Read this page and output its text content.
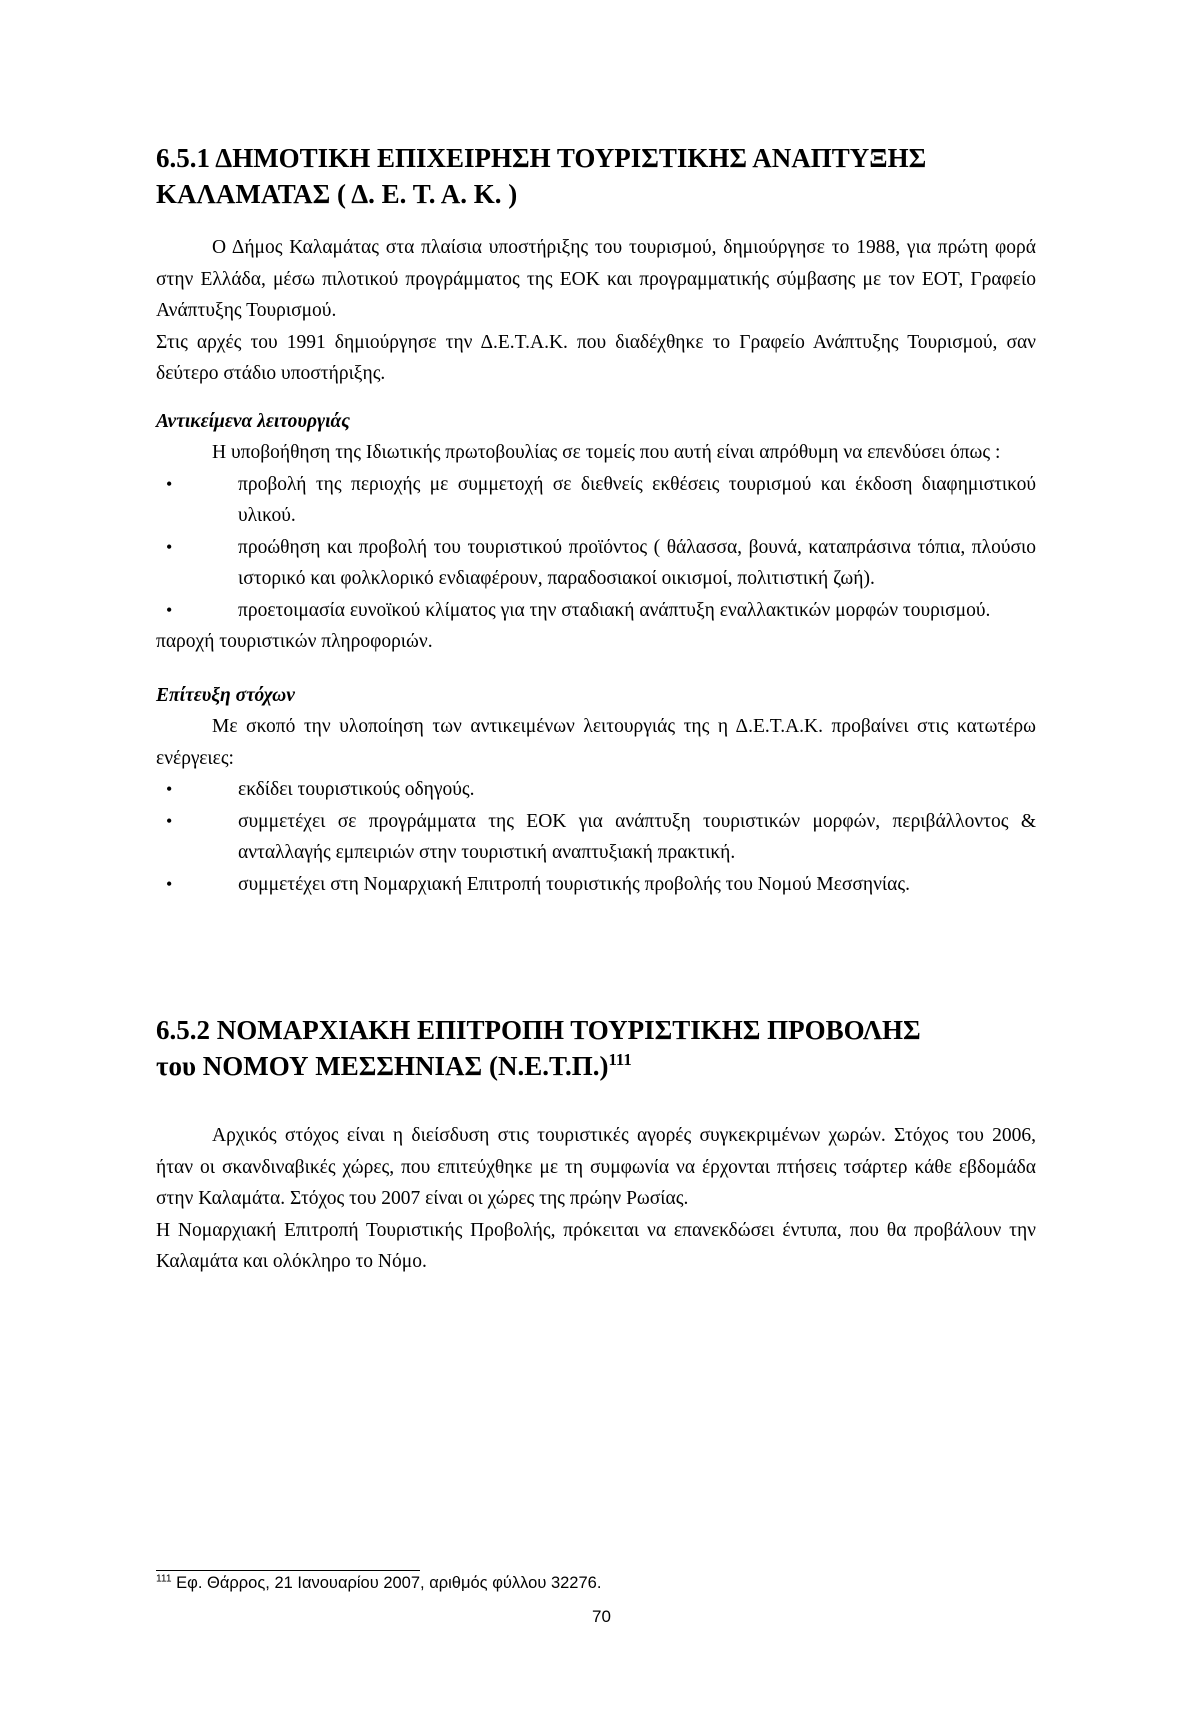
6.5.1 ΔΗΜΟΤΙΚΗ ΕΠΙΧΕΙΡΗΣΗ ΤΟΥΡΙΣΤΙΚΗΣ ΑΝΑΠΤΥΞΗΣ
ΚΑΛΑΜΑΤΑΣ ( Δ. Ε. Τ. Α. Κ. )

Ο Δήμος Καλαμάτας στα πλαίσια υποστήριξης του τουρισμού, δημιούργησε το 1988, για πρώτη φορά στην Ελλάδα, μέσω πιλοτικού προγράμματος της ΕΟΚ και προγραμματικής σύμβασης με τον ΕΟΤ, Γραφείο Ανάπτυξης Τουρισμού.

Στις αρχές του 1991 δημιούργησε την Δ.Ε.Τ.Α.Κ. που διαδέχθηκε το Γραφείο Ανάπτυξης Τουρισμού, σαν δεύτερο στάδιο υποστήριξης.

Αντικείμενα λειτουργιάς

Η υποβοήθηση της Ιδιωτικής πρωτοβουλίας σε τομείς που αυτή είναι απρόθυμη να επενδύσει όπως :

•	προβολή της περιοχής με συμμετοχή σε διεθνείς εκθέσεις τουρισμού και έκδοση διαφημιστικού υλικού.
•	προώθηση και προβολή του τουριστικού προϊόντος ( θάλασσα, βουνά, καταπράσινα τόπια, πλούσιο ιστορικό και φολκλορικό ενδιαφέρουν, παραδοσιακοί οικισμοί, πολιτιστική ζωή).
•	προετοιμασία ευνοϊκού κλίματος για την σταδιακή ανάπτυξη εναλλακτικών μορφών τουρισμού.

παροχή τουριστικών πληροφοριών.

Επίτευξη στόχων

Με σκοπό την υλοποίηση των αντικειμένων λειτουργιάς της η Δ.Ε.Τ.Α.Κ. προβαίνει στις κατωτέρω ενέργειες:

•	εκδίδει τουριστικούς οδηγούς.
•	συμμετέχει σε προγράμματα της ΕΟΚ για ανάπτυξη τουριστικών μορφών, περιβάλλοντος & ανταλλαγής εμπειριών στην τουριστική αναπτυξιακή πρακτική.
•	συμμετέχει στη Νομαρχιακή Επιτροπή τουριστικής προβολής του Νομού Μεσσηνίας.
6.5.2 ΝΟΜΑΡΧΙΑΚΗ ΕΠΙΤΡΟΠΗ ΤΟΥΡΙΣΤΙΚΗΣ ΠΡΟΒΟΛΗΣ
του ΝΟΜΟΥ ΜΕΣΣΗΝΙΑΣ $(N.E.T.\Pi.)^{111}$

Αρχικός στόχος είναι η διείσδυση στις τουριστικές αγορές συγκεκριμένων χωρών. Στόχος του 2006, ήταν οι σκανδιναβικές χώρες, που επιτεύχθηκε με τη συμφωνία να έρχονται πτήσεις τσάρτερ κάθε εβδομάδα στην Καλαμάτα. Στόχος του 2007 είναι οι χώρες της πρώην Ρωσίας.

Η Νομαρχιακή Επιτροπή Τουριστικής Προβολής, πρόκειται να επανεκδώσει έντυπα, που θα προβάλουν την Καλαμάτα και ολόκληρο το Νόμο.

$^{111}$ Εφ. Θάρρος, 21 Ιανουαρίου 2007, αριθμός φύλλου 32276.
70
